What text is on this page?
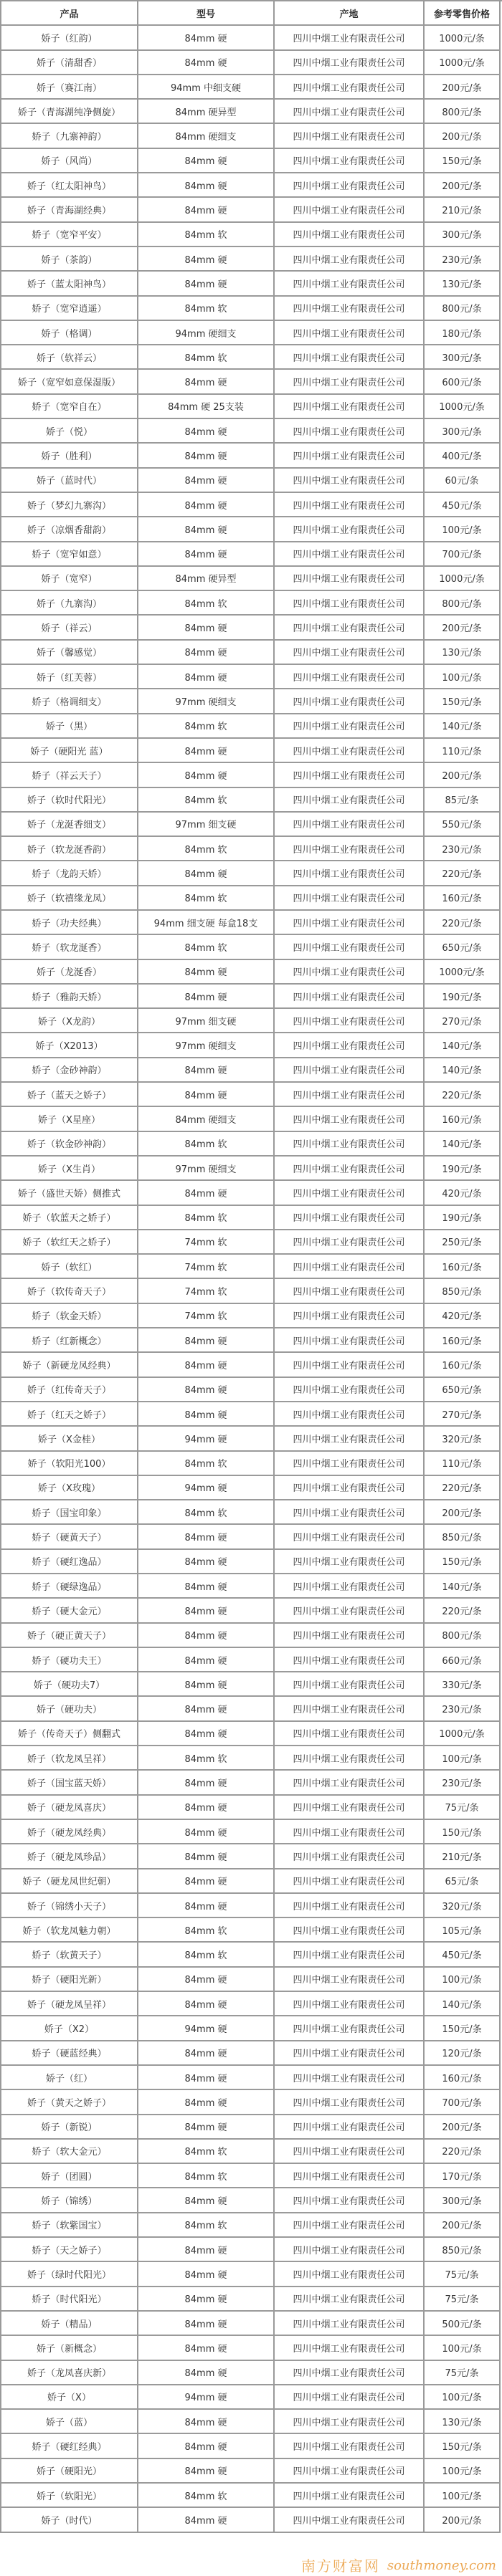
产品	型号	产地	参考零售价格
娇子（红韵）	84mm 硬	四川中烟工业有限责任公司	1000元/条
娇子（清甜香）	84mm 硬	四川中烟工业有限责任公司	1000元/条
娇子（赛江南）	94mm 中细支硬	四川中烟工业有限责任公司	200元/条
娇子（青海湖纯净侧旋）	84mm 硬异型	四川中烟工业有限责任公司	800元/条
娇子（九寨神韵）	84mm 硬细支	四川中烟工业有限责任公司	200元/条
娇子（风尚）	84mm 硬	四川中烟工业有限责任公司	150元/条
娇子（红太阳神鸟）	84mm 硬	四川中烟工业有限责任公司	200元/条
娇子（青海湖经典）	84mm 硬	四川中烟工业有限责任公司	210元/条
娇子（宽窄平安）	84mm 软	四川中烟工业有限责任公司	300元/条
娇子（茶韵）	84mm 硬	四川中烟工业有限责任公司	230元/条
娇子（蓝太阳神鸟）	84mm 硬	四川中烟工业有限责任公司	130元/条
娇子（宽窄逍遥）	84mm 软	四川中烟工业有限责任公司	800元/条
娇子（格调）	94mm 硬细支	四川中烟工业有限责任公司	180元/条
娇子（软祥云）	84mm 软	四川中烟工业有限责任公司	300元/条
娇子（宽窄如意保湿版）	84mm 硬	四川中烟工业有限责任公司	600元/条
娇子（宽窄自在）	84mm 硬 25支装	四川中烟工业有限责任公司	1000元/条
娇子（悦）	84mm 硬	四川中烟工业有限责任公司	300元/条
娇子（胜利）	84mm 硬	四川中烟工业有限责任公司	400元/条
娇子（蓝时代）	84mm 硬	四川中烟工业有限责任公司	60元/条
娇子（梦幻九寨沟）	84mm 硬	四川中烟工业有限责任公司	450元/条
娇子（凉烟香甜韵）	84mm 硬	四川中烟工业有限责任公司	100元/条
娇子（宽窄如意）	84mm 硬	四川中烟工业有限责任公司	700元/条
娇子（宽窄）	84mm 硬异型	四川中烟工业有限责任公司	1000元/条
娇子（九寨沟）	84mm 软	四川中烟工业有限责任公司	800元/条
娇子（祥云）	84mm 硬	四川中烟工业有限责任公司	200元/条
娇子（馨感觉）	84mm 硬	四川中烟工业有限责任公司	130元/条
娇子（红芙蓉）	84mm 硬	四川中烟工业有限责任公司	100元/条
娇子（格调细支）	97mm 硬细支	四川中烟工业有限责任公司	150元/条
娇子（黑）	84mm 软	四川中烟工业有限责任公司	140元/条
娇子（硬阳光 蓝）	84mm 硬	四川中烟工业有限责任公司	110元/条
娇子（祥云天子）	84mm 硬	四川中烟工业有限责任公司	200元/条
娇子（软时代阳光）	84mm 软	四川中烟工业有限责任公司	85元/条
娇子（龙涎香细支）	97mm 细支硬	四川中烟工业有限责任公司	550元/条
娇子（软龙涎香韵）	84mm 软	四川中烟工业有限责任公司	230元/条
娇子（龙韵天娇）	84mm 硬	四川中烟工业有限责任公司	220元/条
娇子（软禧缘龙凤）	84mm 软	四川中烟工业有限责任公司	160元/条
娇子（功夫经典）	94mm 细支硬 每盒18支	四川中烟工业有限责任公司	220元/条
娇子（软龙涎香）	84mm 软	四川中烟工业有限责任公司	650元/条
娇子（龙涎香）	84mm 硬	四川中烟工业有限责任公司	1000元/条
娇子（雅韵天娇）	84mm 硬	四川中烟工业有限责任公司	190元/条
娇子（X龙韵）	97mm 细支硬	四川中烟工业有限责任公司	270元/条
娇子（X2013）	97mm 硬细支	四川中烟工业有限责任公司	140元/条
娇子（金砂神韵）	84mm 硬	四川中烟工业有限责任公司	140元/条
娇子（蓝天之娇子）	84mm 硬	四川中烟工业有限责任公司	220元/条
娇子（X星座）	84mm 硬细支	四川中烟工业有限责任公司	160元/条
娇子（软金砂神韵）	84mm 软	四川中烟工业有限责任公司	140元/条
娇子（X生肖）	97mm 硬细支	四川中烟工业有限责任公司	190元/条
娇子（盛世天娇）侧推式	84mm 硬	四川中烟工业有限责任公司	420元/条
娇子（软蓝天之娇子）	84mm 软	四川中烟工业有限责任公司	190元/条
娇子（软红天之娇子）	74mm 软	四川中烟工业有限责任公司	250元/条
娇子（软红）	74mm 软	四川中烟工业有限责任公司	160元/条
娇子（软传奇天子）	74mm 软	四川中烟工业有限责任公司	850元/条
娇子（软金天娇）	74mm 软	四川中烟工业有限责任公司	420元/条
娇子（红新概念）	84mm 硬	四川中烟工业有限责任公司	160元/条
娇子（新硬龙凤经典）	84mm 硬	四川中烟工业有限责任公司	160元/条
娇子（红传奇天子）	84mm 硬	四川中烟工业有限责任公司	650元/条
娇子（红天之娇子）	84mm 硬	四川中烟工业有限责任公司	270元/条
娇子（X金桂）	94mm 硬	四川中烟工业有限责任公司	320元/条
娇子（软阳光100）	84mm 软	四川中烟工业有限责任公司	110元/条
娇子（X玫瑰）	94mm 硬	四川中烟工业有限责任公司	220元/条
娇子（国宝印象）	84mm 软	四川中烟工业有限责任公司	200元/条
娇子（硬黄天子）	84mm 硬	四川中烟工业有限责任公司	850元/条
娇子（硬红逸品）	84mm 硬	四川中烟工业有限责任公司	150元/条
娇子（硬绿逸品）	84mm 硬	四川中烟工业有限责任公司	140元/条
娇子（硬大金元）	84mm 硬	四川中烟工业有限责任公司	220元/条
娇子（硬正黄天子）	84mm 硬	四川中烟工业有限责任公司	800元/条
娇子（硬功夫王）	84mm 硬	四川中烟工业有限责任公司	660元/条
娇子（硬功夫7）	84mm 硬	四川中烟工业有限责任公司	330元/条
娇子（硬功夫）	84mm 硬	四川中烟工业有限责任公司	230元/条
娇子（传奇天子）侧翻式	84mm 硬	四川中烟工业有限责任公司	1000元/条
娇子（软龙凤呈祥）	84mm 软	四川中烟工业有限责任公司	100元/条
娇子（国宝蓝天娇）	84mm 硬	四川中烟工业有限责任公司	230元/条
娇子（硬龙凤喜庆）	84mm 硬	四川中烟工业有限责任公司	75元/条
娇子（硬龙凤经典）	84mm 硬	四川中烟工业有限责任公司	150元/条
娇子（硬龙凤珍品）	84mm 硬	四川中烟工业有限责任公司	210元/条
娇子（硬龙凤世纪朝）	84mm 硬	四川中烟工业有限责任公司	65元/条
娇子（锦绣小天子）	84mm 硬	四川中烟工业有限责任公司	320元/条
娇子（软龙凤魅力朝）	84mm 软	四川中烟工业有限责任公司	105元/条
娇子（软黄天子）	84mm 软	四川中烟工业有限责任公司	450元/条
娇子（硬阳光新）	84mm 硬	四川中烟工业有限责任公司	100元/条
娇子（硬龙凤呈祥）	84mm 硬	四川中烟工业有限责任公司	140元/条
娇子（X2）	94mm 硬	四川中烟工业有限责任公司	150元/条
娇子（硬蓝经典）	84mm 硬	四川中烟工业有限责任公司	120元/条
娇子（红）	84mm 硬	四川中烟工业有限责任公司	160元/条
娇子（黄天之娇子）	84mm 硬	四川中烟工业有限责任公司	700元/条
娇子（新锐）	84mm 硬	四川中烟工业有限责任公司	200元/条
娇子（软大金元）	84mm 软	四川中烟工业有限责任公司	220元/条
娇子（团圆）	84mm 软	四川中烟工业有限责任公司	170元/条
娇子（锦绣）	84mm 硬	四川中烟工业有限责任公司	300元/条
娇子（软紫国宝）	84mm 软	四川中烟工业有限责任公司	200元/条
娇子（天之娇子）	84mm 硬	四川中烟工业有限责任公司	850元/条
娇子（绿时代阳光）	84mm 硬	四川中烟工业有限责任公司	75元/条
娇子（时代阳光）	84mm 硬	四川中烟工业有限责任公司	75元/条
娇子（精品）	84mm 硬	四川中烟工业有限责任公司	500元/条
娇子（新概念）	84mm 硬	四川中烟工业有限责任公司	100元/条
娇子（龙凤喜庆新）	84mm 硬	四川中烟工业有限责任公司	75元/条
娇子（X）	94mm 硬	四川中烟工业有限责任公司	100元/条
娇子（蓝）	84mm 硬	四川中烟工业有限责任公司	130元/条
娇子（硬红经典）	84mm 硬	四川中烟工业有限责任公司	150元/条
娇子（硬阳光）	84mm 硬	四川中烟工业有限责任公司	100元/条
娇子（软阳光）	84mm 软	四川中烟工业有限责任公司	100元/条
娇子（时代）	84mm 硬	四川中烟工业有限责任公司	200元/条
南方财富网 southmoney.com
